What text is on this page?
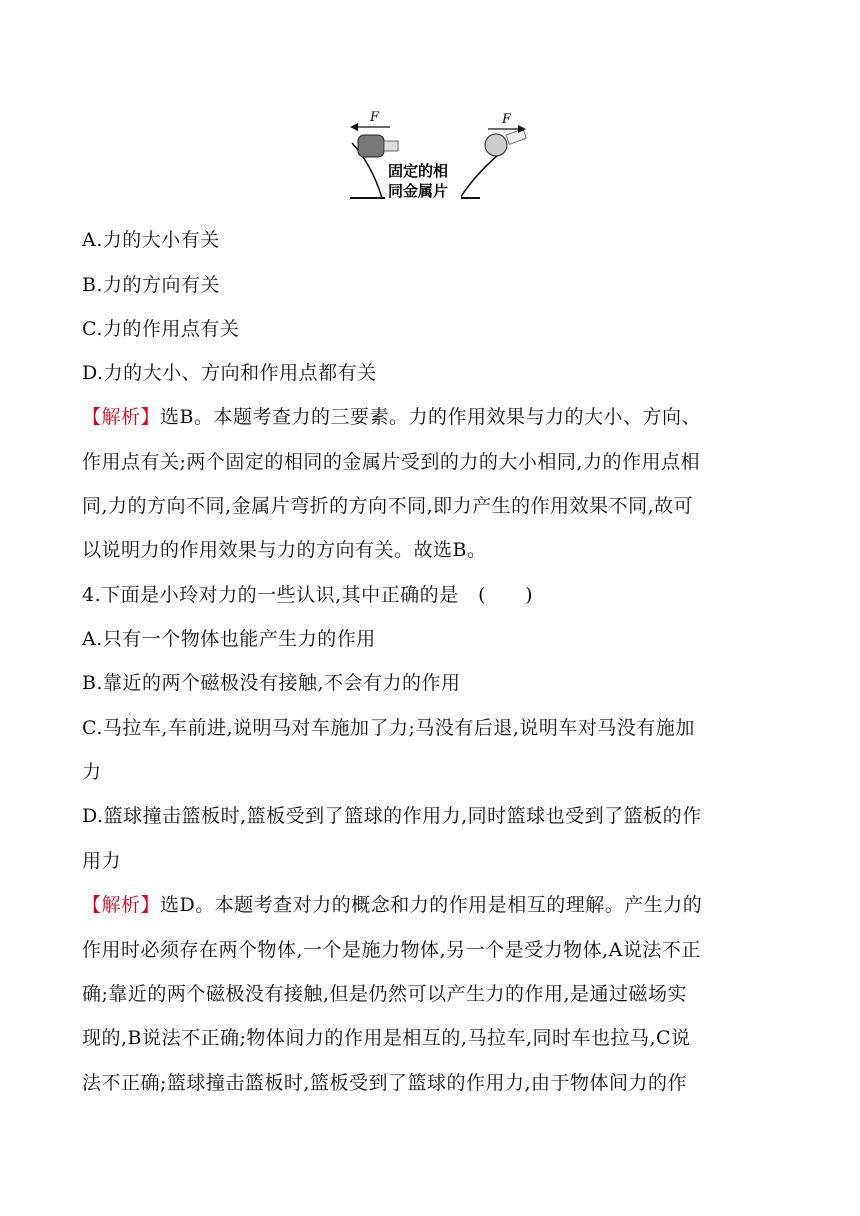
F	F
固定的相
同金属片
A.力的大小有关
B.力的方向有关
C.力的作用点有关
D.力的大小、方向和作用点都有关
【解析】选B。本题考查力的三要素。力的作用效果与力的大小、方向、
作用点有关;两个固定的相同的金属片受到的力的大小相同,力的作用点相
同,力的方向不同,金属片弯折的方向不同,即力产生的作用效果不同,故可
以说明力的作用效果与力的方向有关。故选B。
4.下面是小玲对力的一些认识,其中正确的是　(　　)
A.只有一个物体也能产生力的作用
B.靠近的两个磁极没有接触,不会有力的作用
C.马拉车,车前进,说明马对车施加了力;马没有后退,说明车对马没有施加
力
D.篮球撞击篮板时,篮板受到了篮球的作用力,同时篮球也受到了篮板的作
用力
【解析】选D。本题考查对力的概念和力的作用是相互的理解。产生力的
作用时必须存在两个物体,一个是施力物体,另一个是受力物体,A说法不正
确;靠近的两个磁极没有接触,但是仍然可以产生力的作用,是通过磁场实
现的,B说法不正确;物体间力的作用是相互的,马拉车,同时车也拉马,C说
法不正确;篮球撞击篮板时,篮板受到了篮球的作用力,由于物体间力的作
